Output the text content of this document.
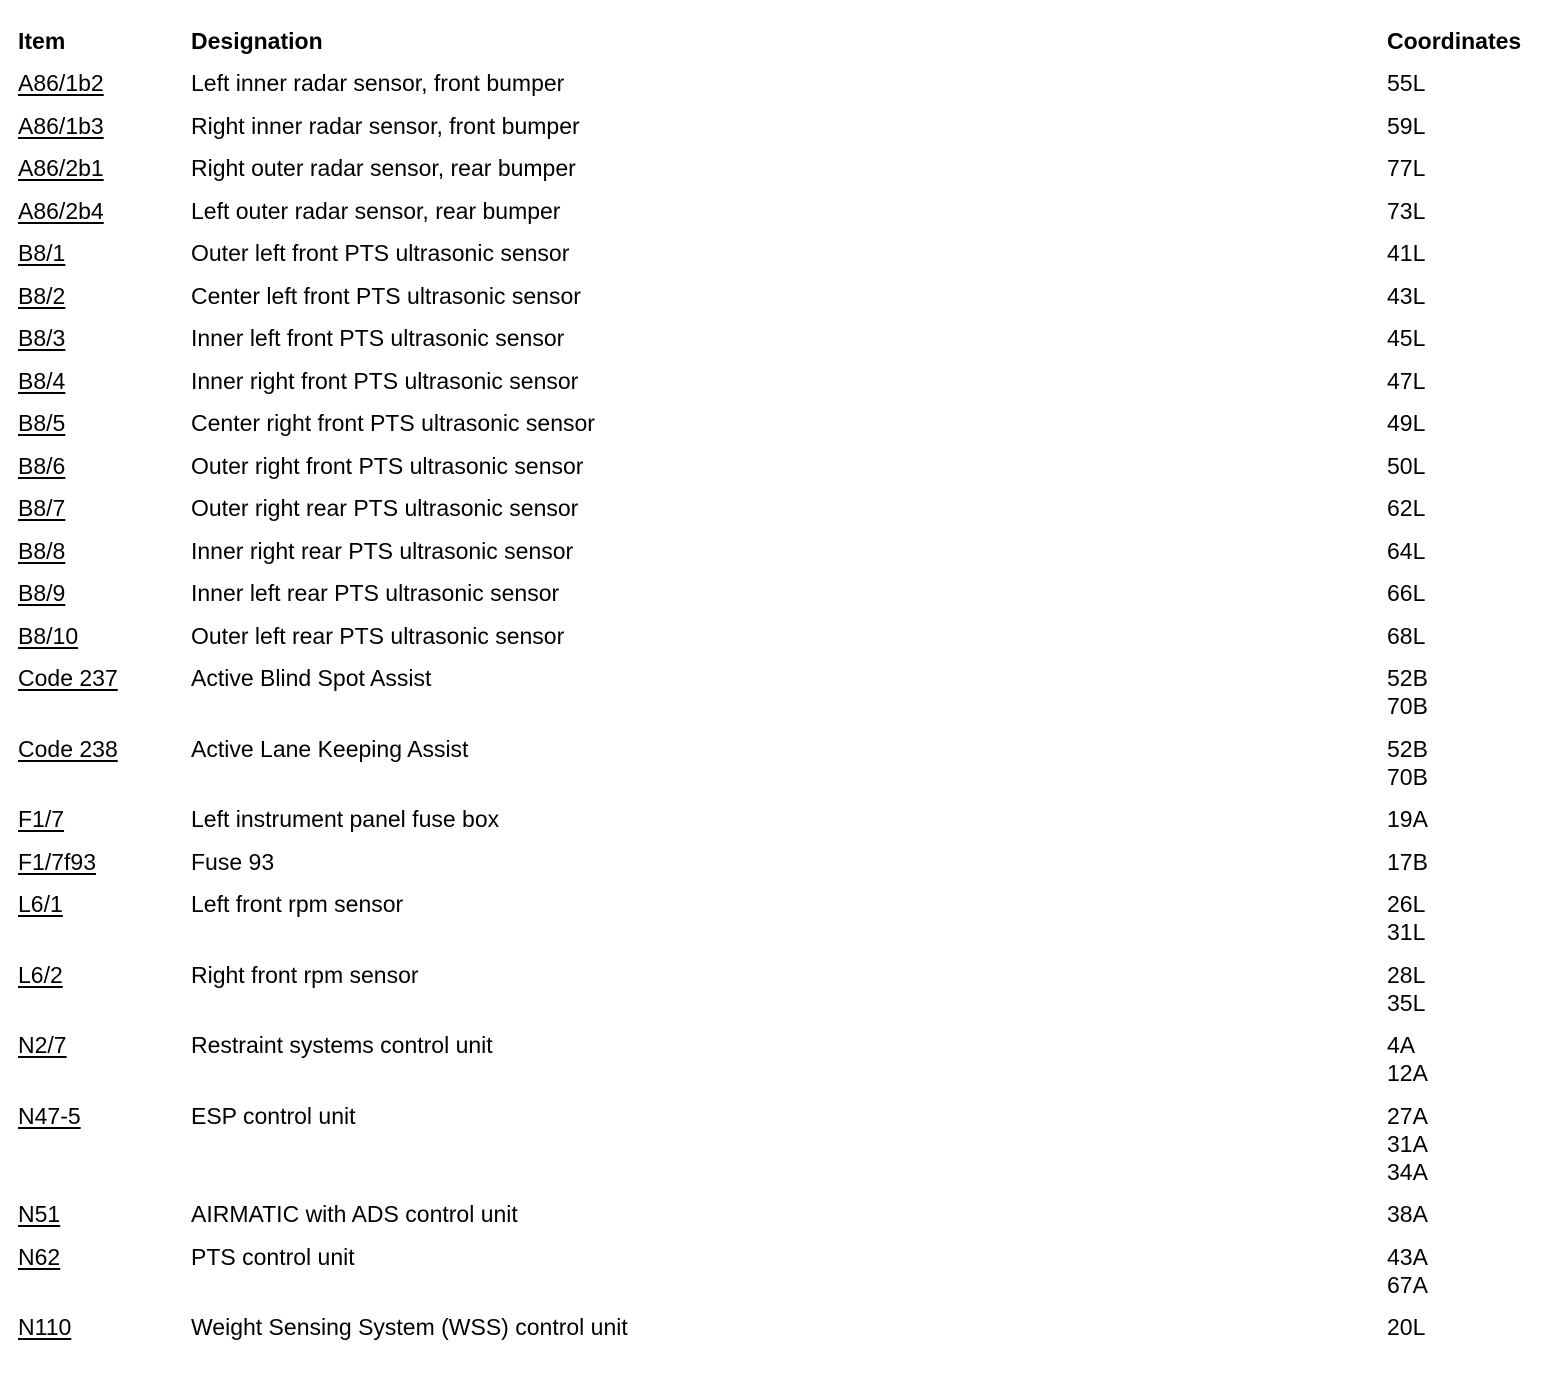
Item	Designation	Coordinates
A86/1b2	Left inner radar sensor, front bumper	55L

A86/1b3	Right inner radar sensor, front bumper	59L

A86/2b1	Right outer radar sensor, rear bumper	77L

A86/2b4	Left outer radar sensor, rear bumper	73L

B8/1	Outer left front PTS ultrasonic sensor	41L

B8/2	Center left front PTS ultrasonic sensor	43L

B8/3	Inner left front PTS ultrasonic sensor	45L

B8/4	Inner right front PTS ultrasonic sensor	47L

B8/5	Center right front PTS ultrasonic sensor	49L

B8/6	Outer right front PTS ultrasonic sensor	50L

B8/7	Outer right rear PTS ultrasonic sensor	62L

B8/8	Inner right rear PTS ultrasonic sensor	64L

B8/9	Inner left rear PTS ultrasonic sensor	66L

B8/10	Outer left rear PTS ultrasonic sensor	68L

Code 237	Active Blind Spot Assist	52B
70B

Code 238	Active Lane Keeping Assist	52B
70B

F1/7	Left instrument panel fuse box	19A

F1/7f93	Fuse 93	17B

L6/1	Left front rpm sensor	26L
31L

L6/2	Right front rpm sensor	28L
35L

N2/7	Restraint systems control unit	4A
12A

N47-5	ESP control unit	27A
31A
34A

N51	AIRMATIC with ADS control unit	38A

N62	PTS control unit	43A
67A

N110	Weight Sensing System (WSS) control unit	20L
